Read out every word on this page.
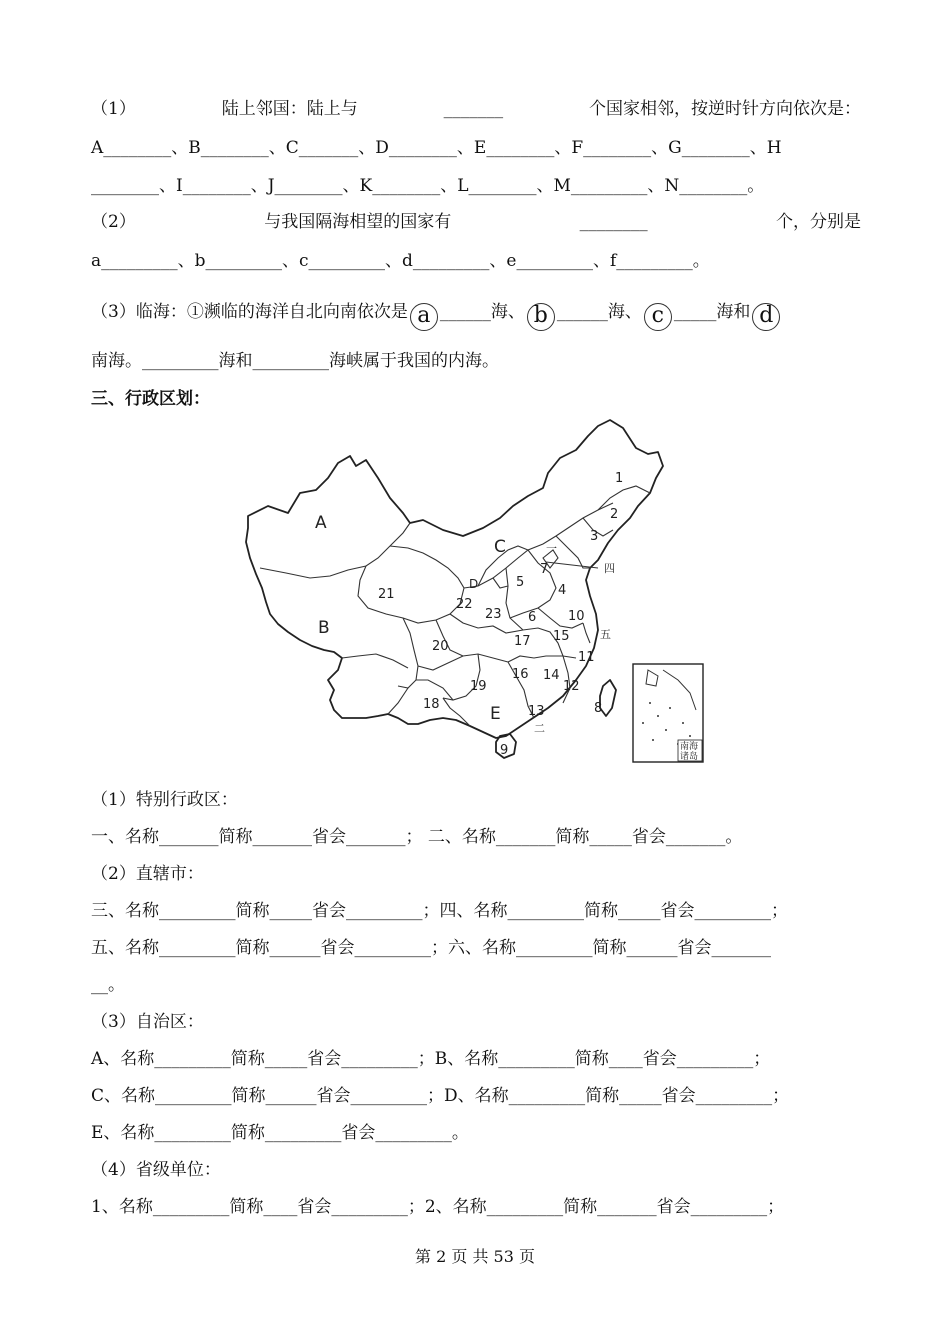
（1）	陆上邻国：陆上与	_______	个国家相邻，按逆时针方向依次是：
A________、B________、C_______、D________、E________、F________、G________、H
________、I________、J________、K________、L________、M_________、N________。
（2）	与我国隔海相望的国家有	________	个，分别是
a_________、b_________、c_________、d_________、e_________、f_________。
（3）临海：①濒临的海洋自北向南依次是 a ______海、 b ______海、 c _____海和 d
南海。_________海和_________海峡属于我国的内海。
三、行政区划：
1
2
3
4
5
6
7
8
9
10
11
12
13
14
15
16
17
18
19
20
21
22
23
A
B
C
D
E
一
二
四
五
南海
诸岛
（1）特别行政区：
一、名称_______简称_______省会_______； 二、名称_______简称_____省会_______。
（2）直辖市：
三、名称_________简称_____省会_________；四、名称_________简称_____省会_________；
五、名称_________简称______省会_________；六、名称_________简称______省会_______
__。
（3）自治区：
A、名称_________简称_____省会_________；B、名称_________简称____省会_________；
C、名称_________简称______省会_________；D、名称_________简称_____省会_________；
E、名称_________简称_________省会_________。
（4）省级单位：
1、名称_________简称____省会_________；2、名称_________简称_______省会_________；
第 2 页 共 53 页
